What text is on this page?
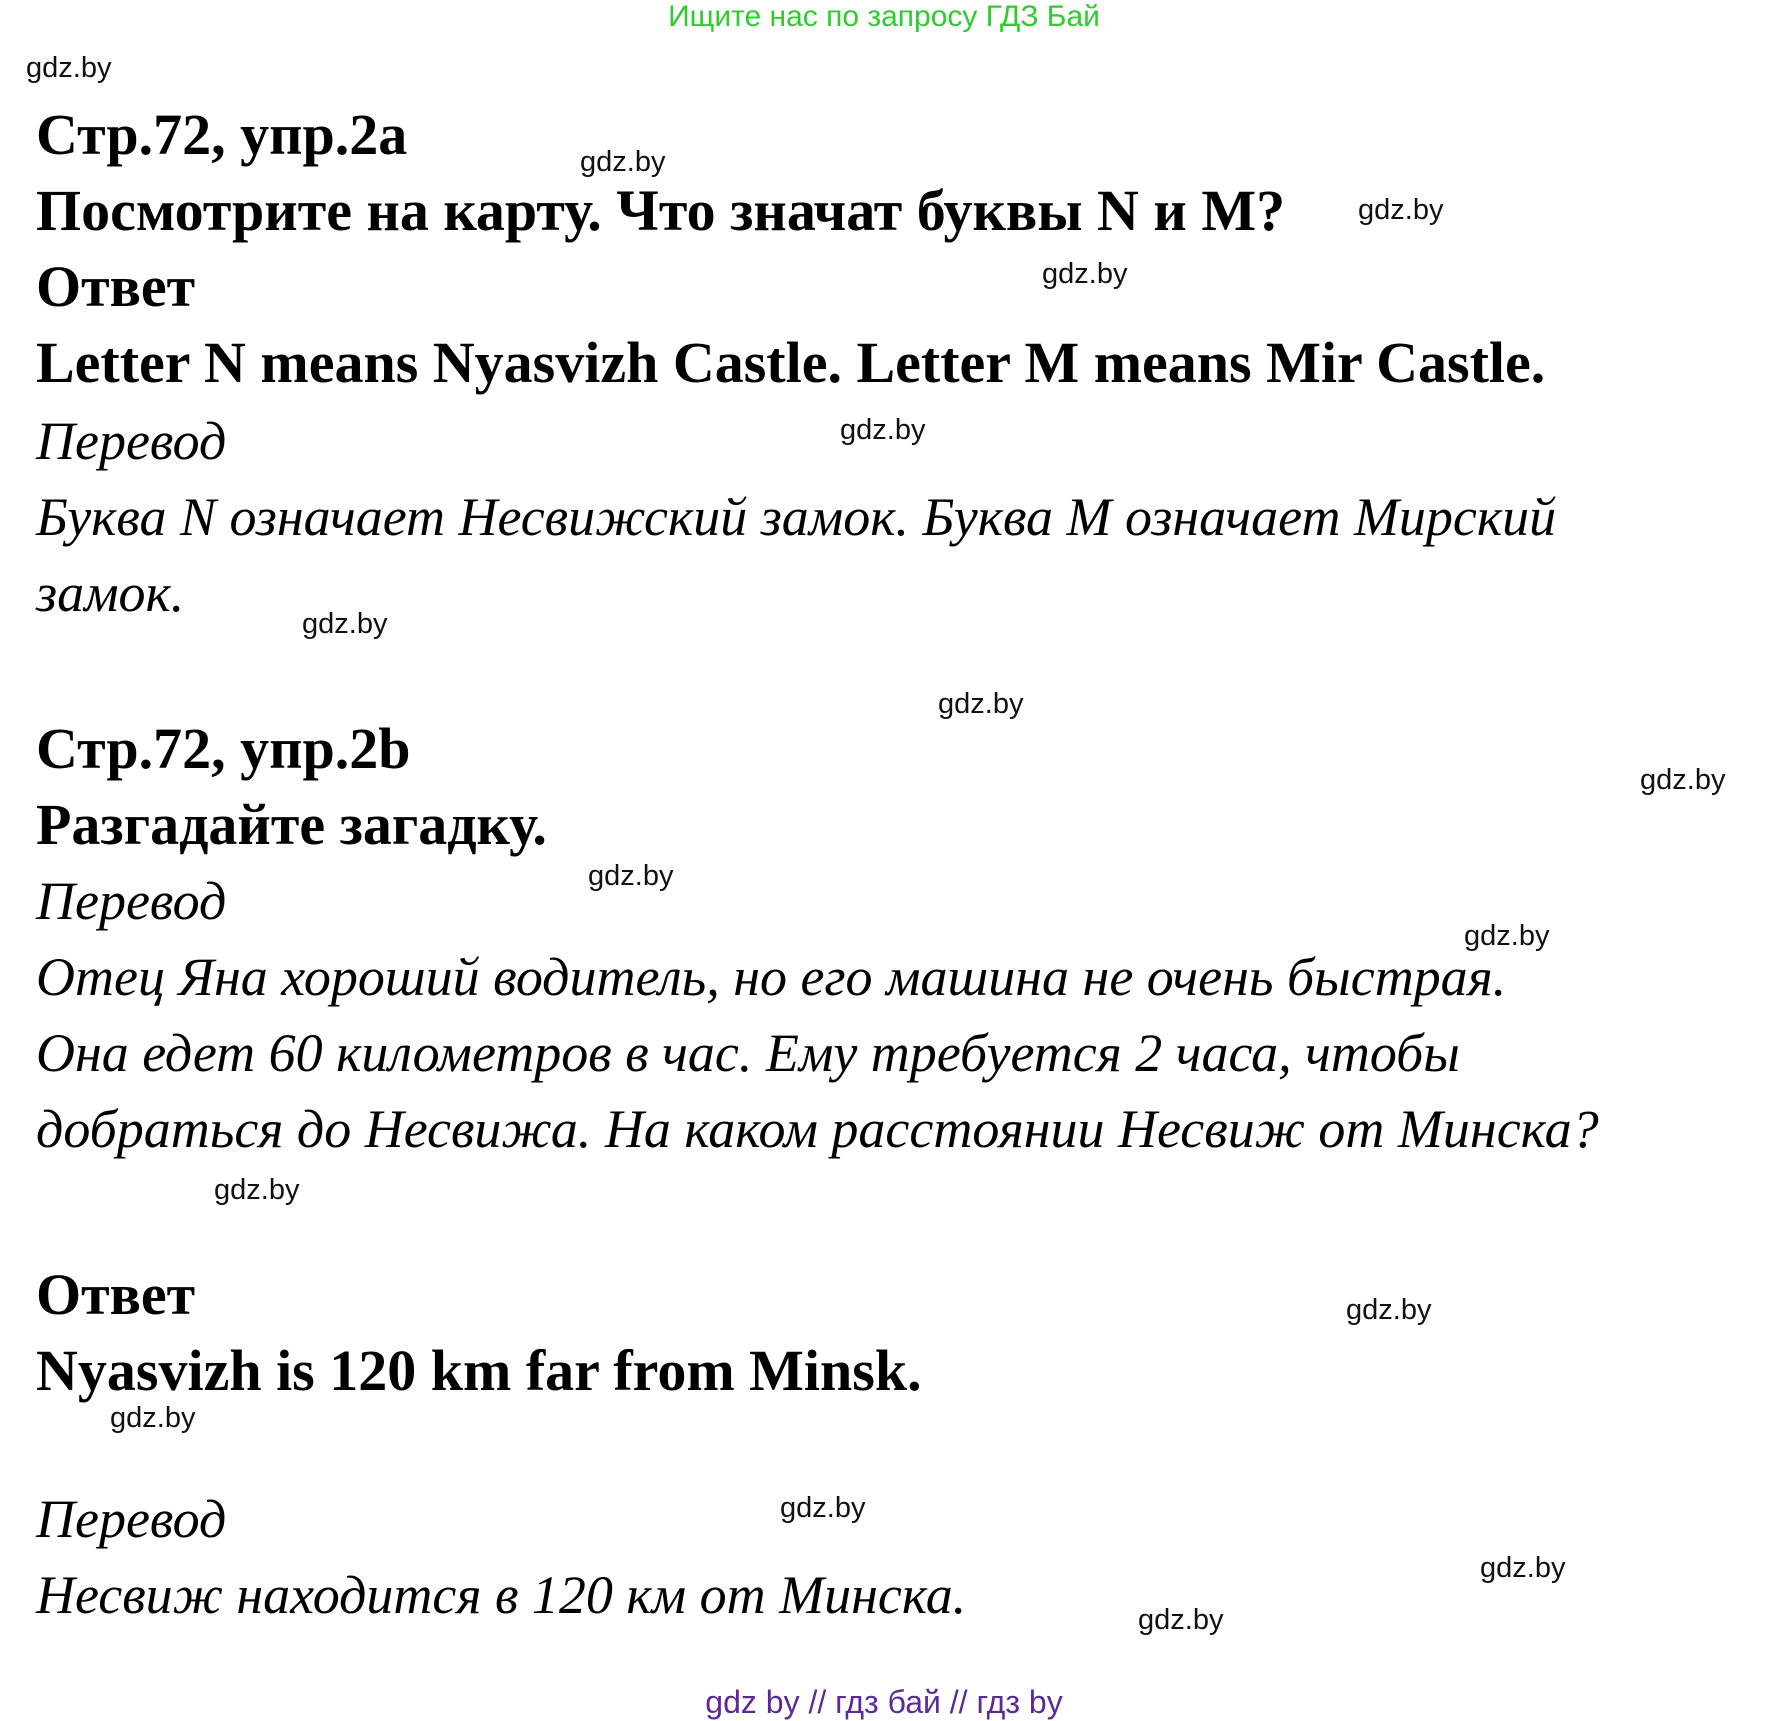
Ищите нас по запросу ГДЗ Бай
Стр.72, упр.2a
Посмотрите на карту. Что значат буквы N и M?
Ответ
Letter N means Nyasvizh Castle. Letter M means Mir Castle.
Перевод
Буква N означает Несвижский замок. Буква M означает Мирский
замок.
Стр.72, упр.2b
Разгадайте загадку.
Перевод
Отец Яна хороший водитель, но его машина не очень быстрая.
Она едет 60 километров в час. Ему требуется 2 часа, чтобы
добраться до Несвижа. На каком расстоянии Несвиж от Минска?
Ответ
Nyasvizh is 120 km far from Minsk.
Перевод
Несвиж находится в 120 км от Минска.
gdz.by
gdz.by
gdz.by
gdz.by
gdz.by
gdz.by
gdz.by
gdz.by
gdz.by
gdz.by
gdz.by
gdz.by
gdz.by
gdz.by
gdz.by
gdz.by
gdz by // гдз бай // гдз by
